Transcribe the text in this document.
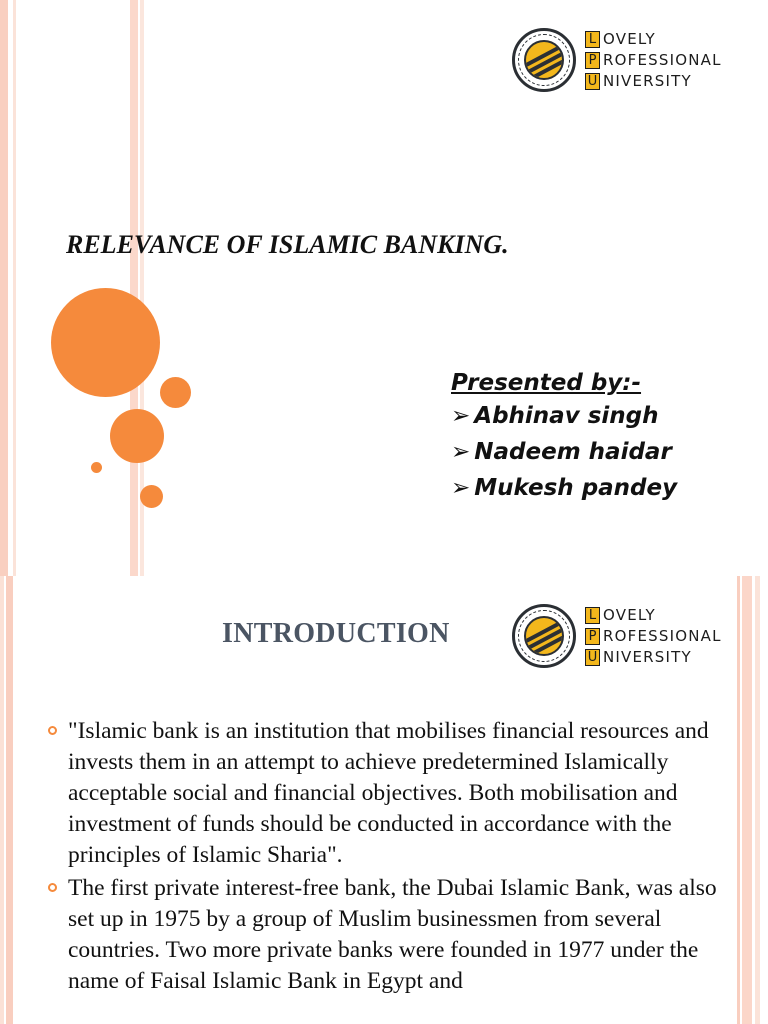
L OVELY
P ROFESSIONAL
U NIVERSITY
RELEVANCE OF ISLAMIC BANKING.
Presented by:-
➢ Abhinav singh
➢ Nadeem haidar
➢ Mukesh pandey
INTRODUCTION
L OVELY
P ROFESSIONAL
U NIVERSITY
"Islamic bank is an institution that mobilises financial resources and invests them in an attempt to achieve predetermined Islamically acceptable social and financial objectives. Both mobilisation and investment of funds should be conducted in accordance with the principles of Islamic Sharia".
The first private interest-free bank, the Dubai Islamic Bank, was also set up in 1975 by a group of Muslim businessmen from several countries. Two more private banks were founded in 1977 under the name of Faisal Islamic Bank in Egypt and
